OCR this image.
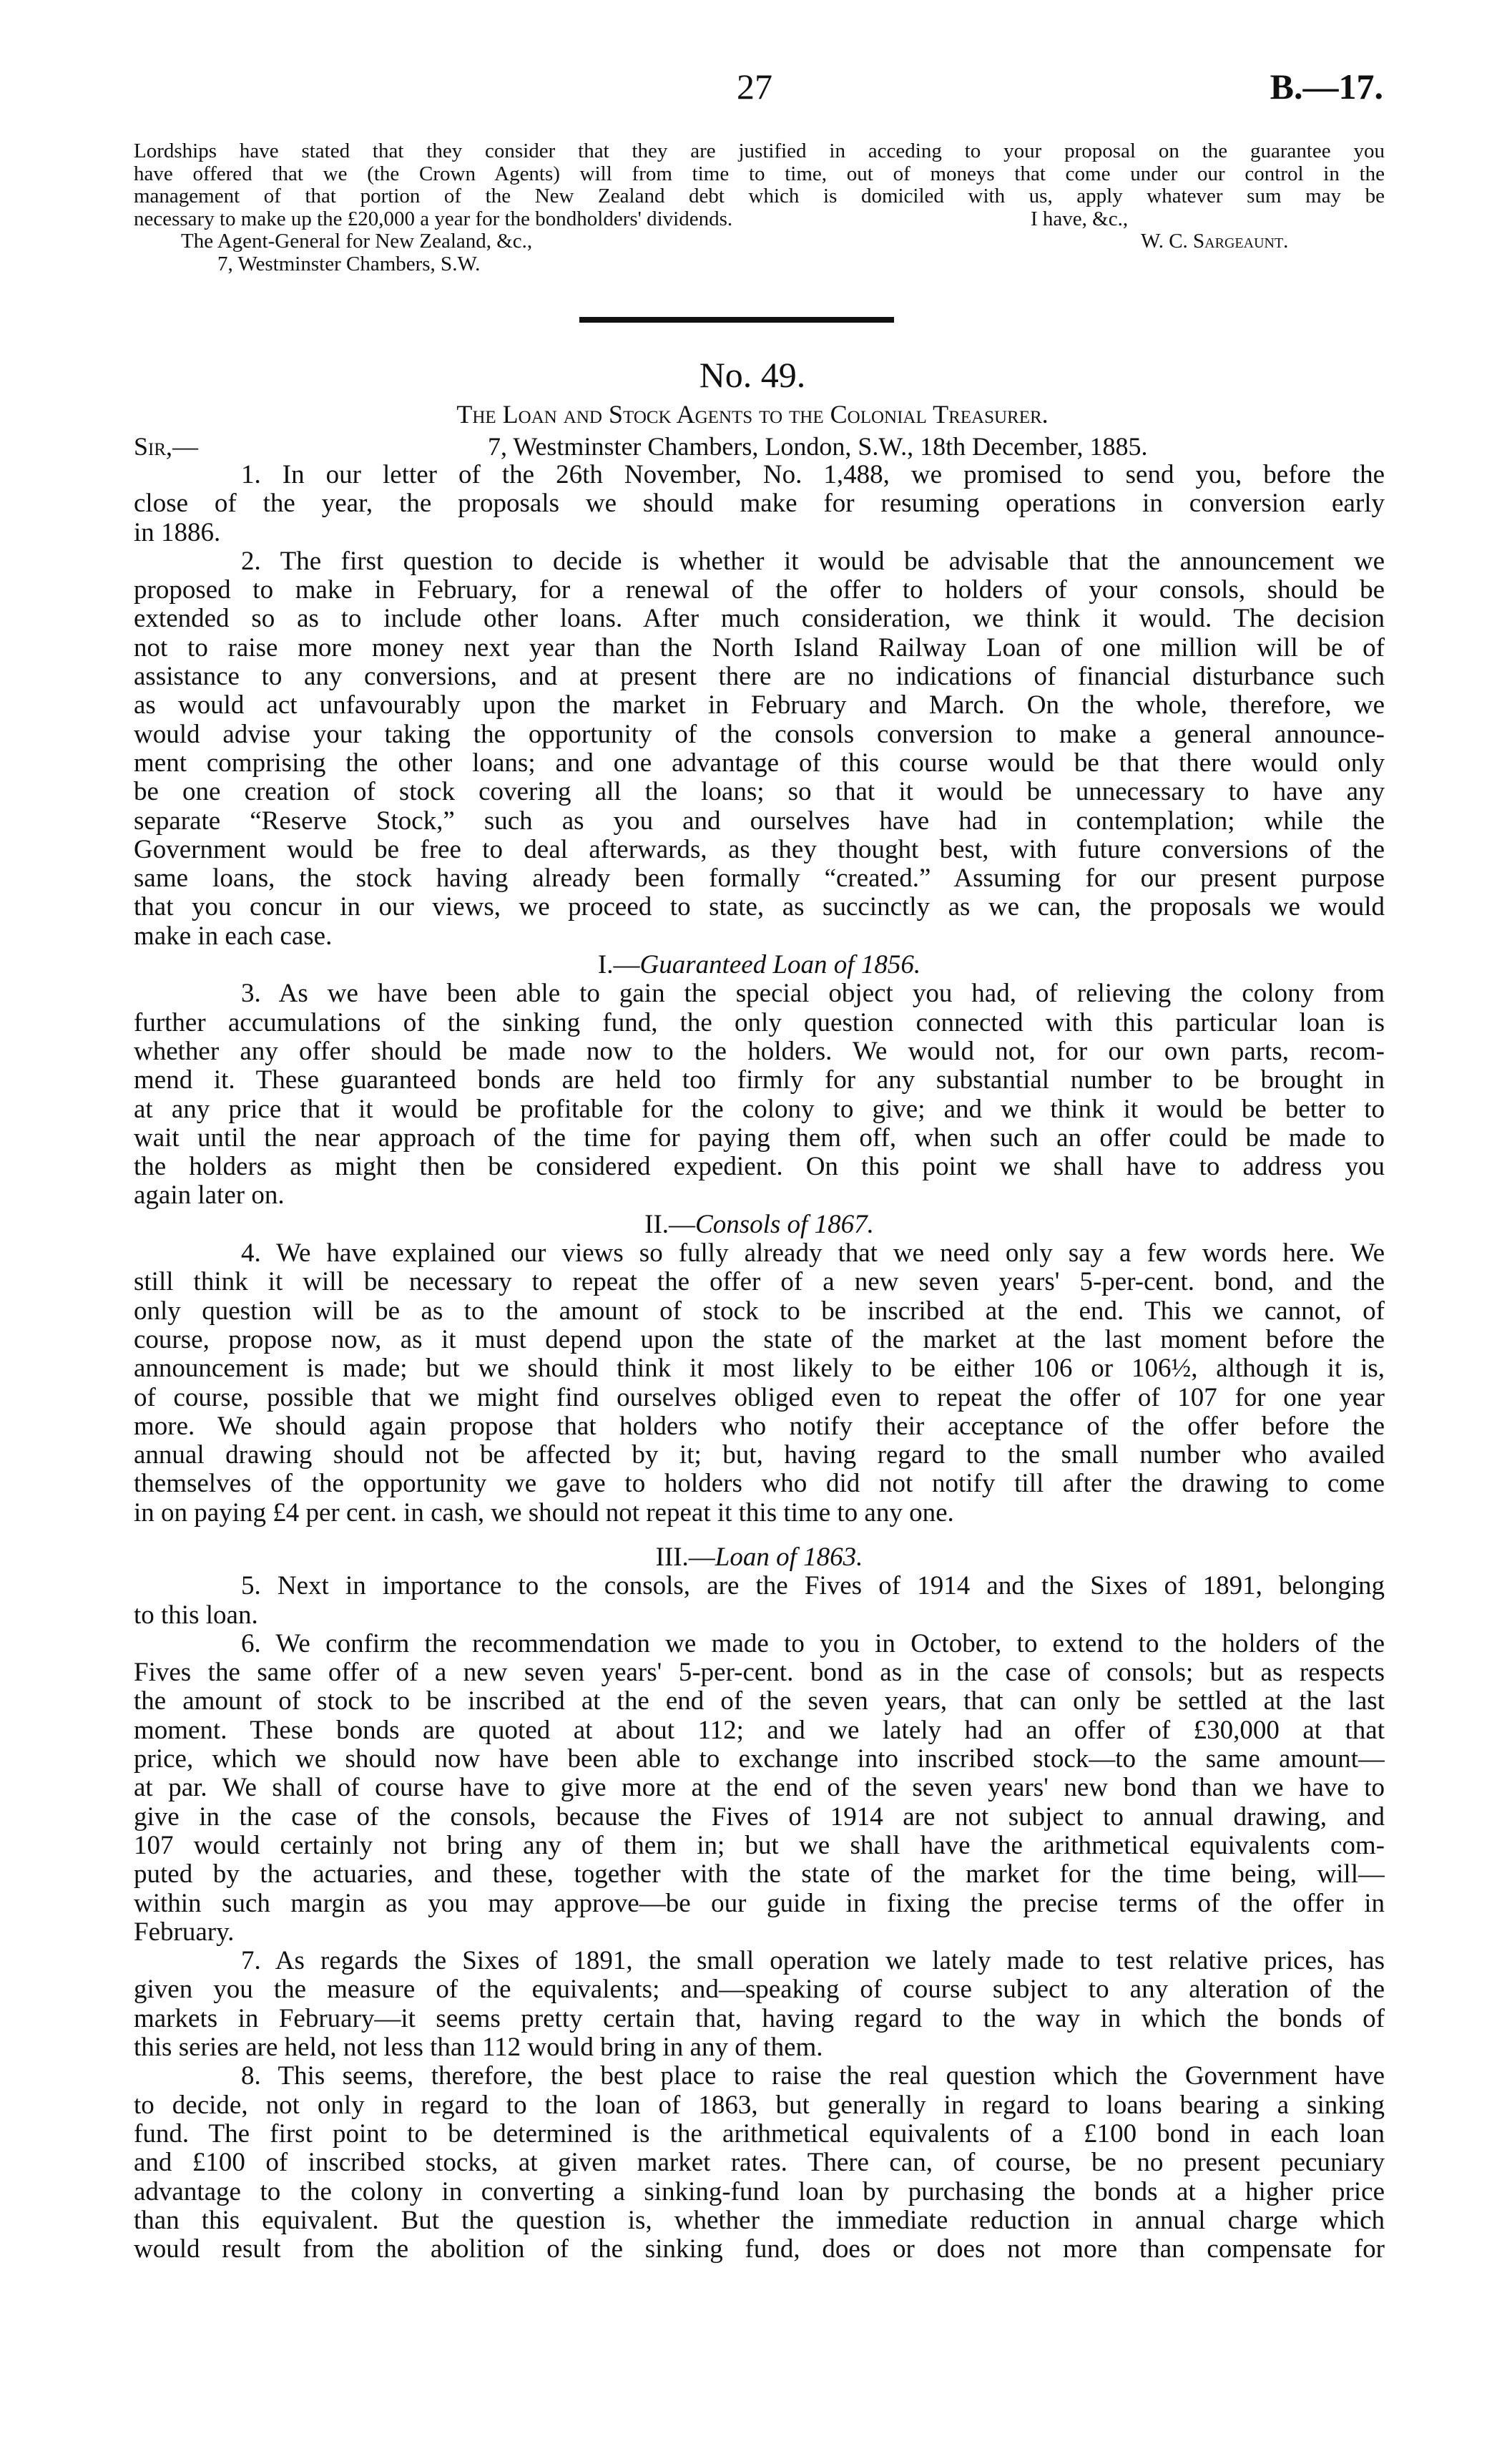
27	B.—17.
Lordships have stated that they consider that they are justified in acceding to your proposal on the guarantee you
have offered that we (the Crown Agents) will from time to time, out of moneys that come under our control in the
management of that portion of the New Zealand debt which is domiciled with us, apply whatever sum may be
necessary to make up the £20,000 a year for the bondholders' dividends.	I have, &c.,
The Agent-General for New Zealand, &c.,	W. C. Sargeaunt.
7, Westminster Chambers, S.W.
No. 49.
The Loan and Stock Agents to the Colonial Treasurer.
Sir,—	7, Westminster Chambers, London, S.W., 18th December, 1885.
1. In our letter of the 26th November, No. 1,488, we promised to send you, before the
close of the year, the proposals we should make for resuming operations in conversion early
in 1886.
2. The first question to decide is whether it would be advisable that the announcement we
proposed to make in February, for a renewal of the offer to holders of your consols, should be
extended so as to include other loans. After much consideration, we think it would. The decision
not to raise more money next year than the North Island Railway Loan of one million will be of
assistance to any conversions, and at present there are no indications of financial disturbance such
as would act unfavourably upon the market in February and March. On the whole, therefore, we
would advise your taking the opportunity of the consols conversion to make a general announce-
ment comprising the other loans; and one advantage of this course would be that there would only
be one creation of stock covering all the loans; so that it would be unnecessary to have any
separate “Reserve Stock,” such as you and ourselves have had in contemplation; while the
Government would be free to deal afterwards, as they thought best, with future conversions of the
same loans, the stock having already been formally “created.” Assuming for our present purpose
that you concur in our views, we proceed to state, as succinctly as we can, the proposals we would
make in each case.
I.—Guaranteed Loan of 1856.
3. As we have been able to gain the special object you had, of relieving the colony from
further accumulations of the sinking fund, the only question connected with this particular loan is
whether any offer should be made now to the holders. We would not, for our own parts, recom-
mend it. These guaranteed bonds are held too firmly for any substantial number to be brought in
at any price that it would be profitable for the colony to give; and we think it would be better to
wait until the near approach of the time for paying them off, when such an offer could be made to
the holders as might then be considered expedient. On this point we shall have to address you
again later on.
II.—Consols of 1867.
4. We have explained our views so fully already that we need only say a few words here. We
still think it will be necessary to repeat the offer of a new seven years' 5-per-cent. bond, and the
only question will be as to the amount of stock to be inscribed at the end. This we cannot, of
course, propose now, as it must depend upon the state of the market at the last moment before the
announcement is made; but we should think it most likely to be either 106 or 106½, although it is,
of course, possible that we might find ourselves obliged even to repeat the offer of 107 for one year
more. We should again propose that holders who notify their acceptance of the offer before the
annual drawing should not be affected by it; but, having regard to the small number who availed
themselves of the opportunity we gave to holders who did not notify till after the drawing to come
in on paying £4 per cent. in cash, we should not repeat it this time to any one.
III.—Loan of 1863.
5. Next in importance to the consols, are the Fives of 1914 and the Sixes of 1891, belonging
to this loan.
6. We confirm the recommendation we made to you in October, to extend to the holders of the
Fives the same offer of a new seven years' 5-per-cent. bond as in the case of consols; but as respects
the amount of stock to be inscribed at the end of the seven years, that can only be settled at the last
moment. These bonds are quoted at about 112; and we lately had an offer of £30,000 at that
price, which we should now have been able to exchange into inscribed stock—to the same amount—
at par. We shall of course have to give more at the end of the seven years' new bond than we have to
give in the case of the consols, because the Fives of 1914 are not subject to annual drawing, and
107 would certainly not bring any of them in; but we shall have the arithmetical equivalents com-
puted by the actuaries, and these, together with the state of the market for the time being, will—
within such margin as you may approve—be our guide in fixing the precise terms of the offer in
February.
7. As regards the Sixes of 1891, the small operation we lately made to test relative prices, has
given you the measure of the equivalents; and—speaking of course subject to any alteration of the
markets in February—it seems pretty certain that, having regard to the way in which the bonds of
this series are held, not less than 112 would bring in any of them.
8. This seems, therefore, the best place to raise the real question which the Government have
to decide, not only in regard to the loan of 1863, but generally in regard to loans bearing a sinking
fund. The first point to be determined is the arithmetical equivalents of a £100 bond in each loan
and £100 of inscribed stocks, at given market rates. There can, of course, be no present pecuniary
advantage to the colony in converting a sinking-fund loan by purchasing the bonds at a higher price
than this equivalent. But the question is, whether the immediate reduction in annual charge which
would result from the abolition of the sinking fund, does or does not more than compensate for
